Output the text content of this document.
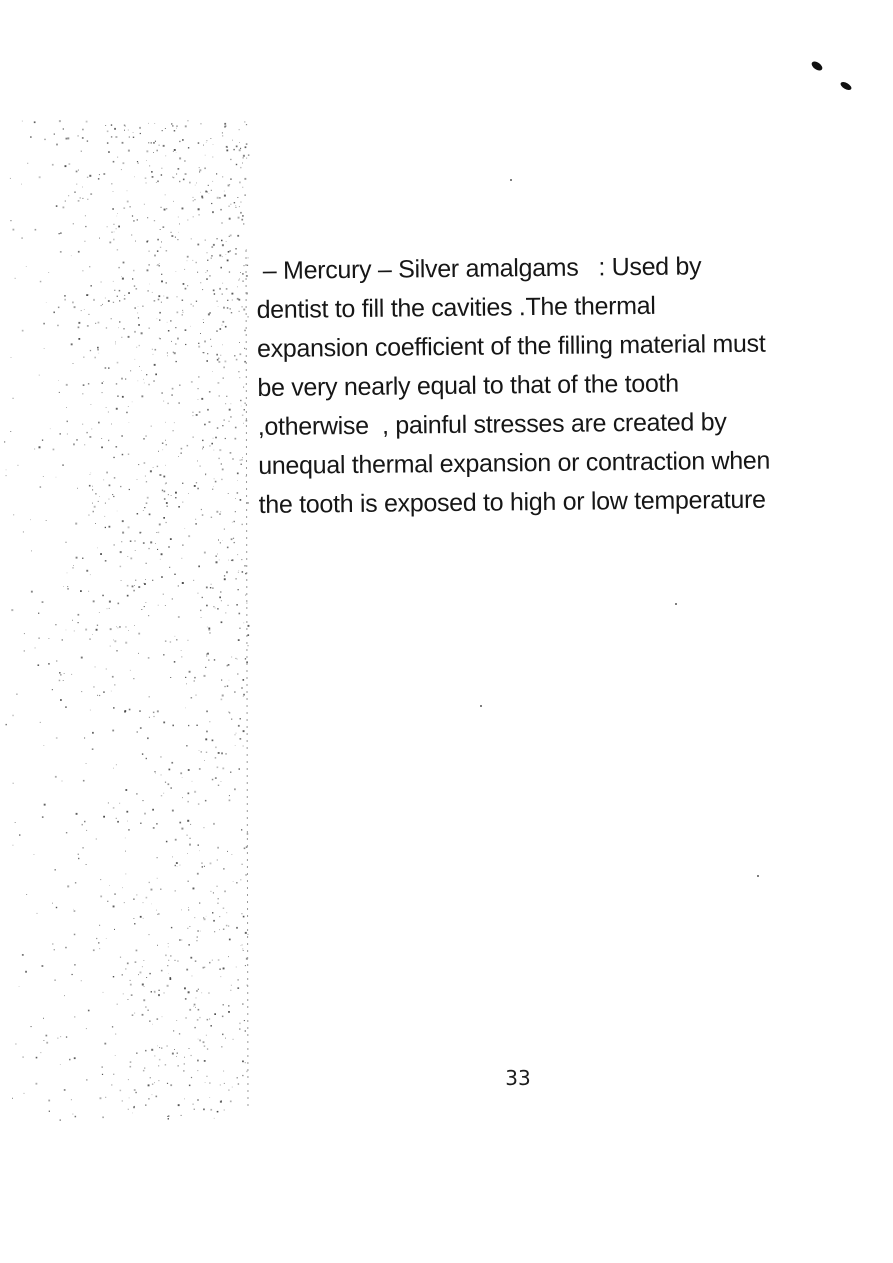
– Mercury – Silver amalgams   : Used by
dentist to fill the cavities .The thermal
expansion coefficient of the filling material must
be very nearly equal to that of the tooth
,otherwise  , painful stresses are created by
unequal thermal expansion or contraction when
the tooth is exposed to high or low temperature

33
